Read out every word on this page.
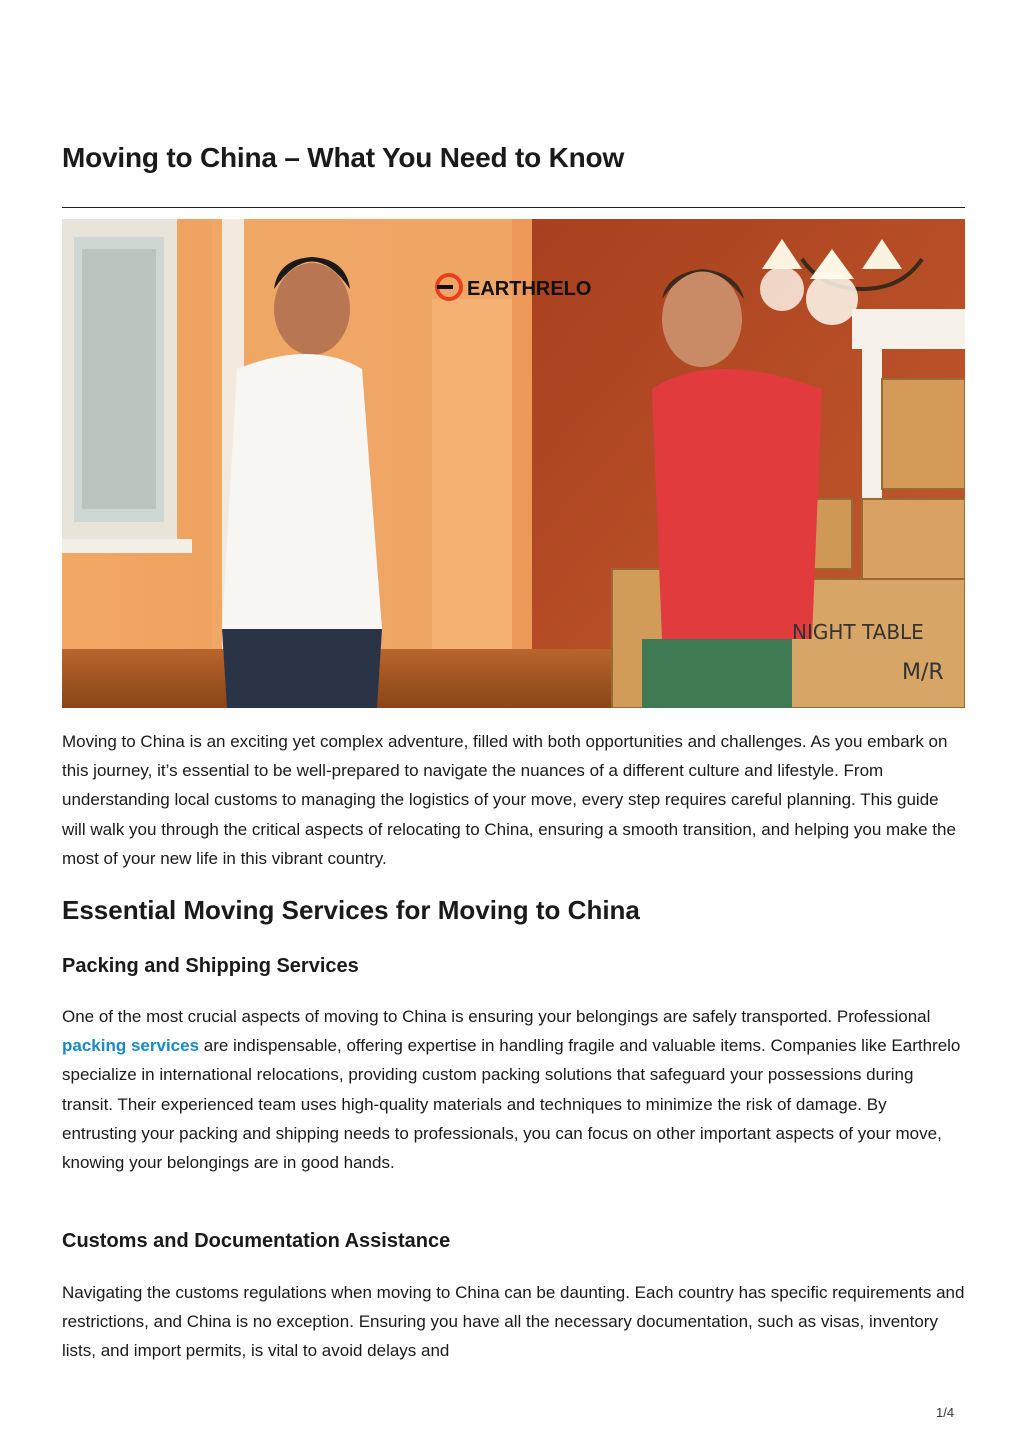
Moving to China – What You Need to Know
EARTHRELO
NIGHT TABLE
M/R

Moving to China is an exciting yet complex adventure, filled with both opportunities and challenges. As you embark on this journey, it’s essential to be well-prepared to navigate the nuances of a different culture and lifestyle. From understanding local customs to managing the logistics of your move, every step requires careful planning. This guide will walk you through the critical aspects of relocating to China, ensuring a smooth transition, and helping you make the most of your new life in this vibrant country.

Essential Moving Services for Moving to China
Packing and Shipping Services

One of the most crucial aspects of moving to China is ensuring your belongings are safely transported. Professional packing services are indispensable, offering expertise in handling fragile and valuable items. Companies like Earthrelo specialize in international relocations, providing custom packing solutions that safeguard your possessions during transit. Their experienced team uses high-quality materials and techniques to minimize the risk of damage. By entrusting your packing and shipping needs to professionals, you can focus on other important aspects of your move, knowing your belongings are in good hands.

Customs and Documentation Assistance

Navigating the customs regulations when moving to China can be daunting. Each country has specific requirements and restrictions, and China is no exception. Ensuring you have all the necessary documentation, such as visas, inventory lists, and import permits, is vital to avoid delays and

1/4
